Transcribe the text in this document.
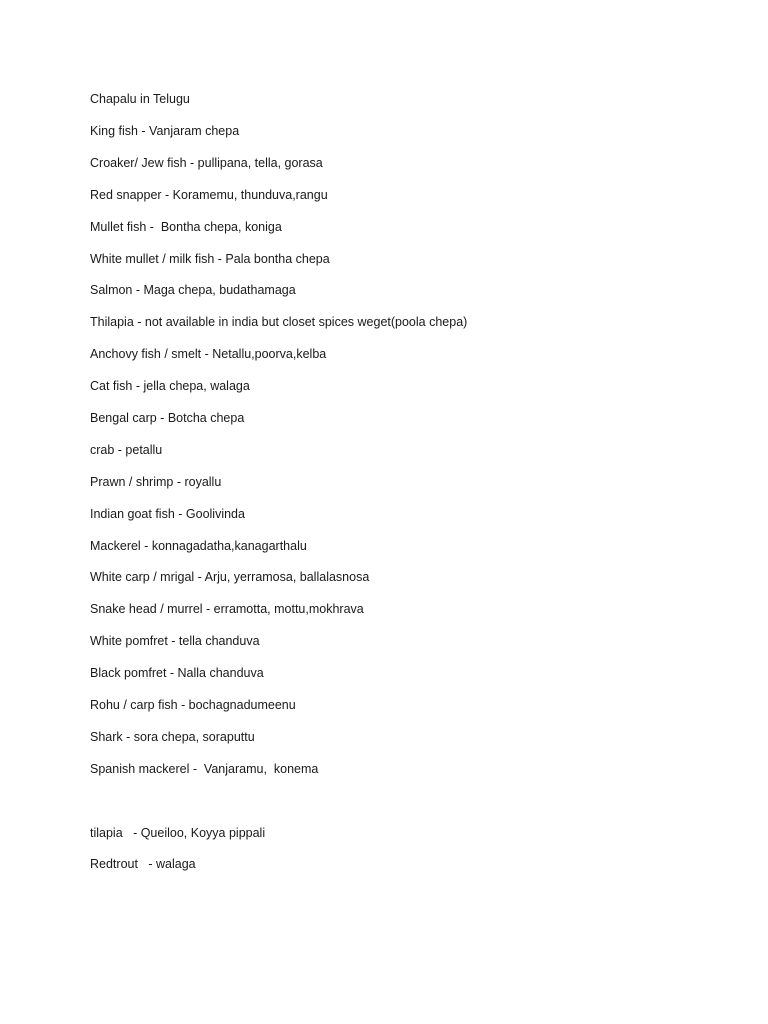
Chapalu in Telugu
King fish - Vanjaram chepa
Croaker/ Jew fish - pullipana, tella, gorasa
Red snapper - Koramemu, thunduva,rangu
Mullet fish -  Bontha chepa, koniga
White mullet / milk fish - Pala bontha chepa
Salmon - Maga chepa, budathamaga
Thilapia - not available in india but closet spices weget(poola chepa)
Anchovy fish / smelt - Netallu,poorva,kelba
Cat fish - jella chepa, walaga
Bengal carp - Botcha chepa
crab - petallu
Prawn / shrimp - royallu
Indian goat fish - Goolivinda
Mackerel - konnagadatha,kanagarthalu
White carp / mrigal - Arju, yerramosa, ballalasnosa
Snake head / murrel - erramotta, mottu,mokhrava
White pomfret - tella chanduva
Black pomfret - Nalla chanduva
Rohu / carp fish - bochagnadumeenu
Shark - sora chepa, soraputtu
Spanish mackerel -  Vanjaramu,  konema
tilapia   - Queiloo, Koyya pippali
Redtrout   - walaga
